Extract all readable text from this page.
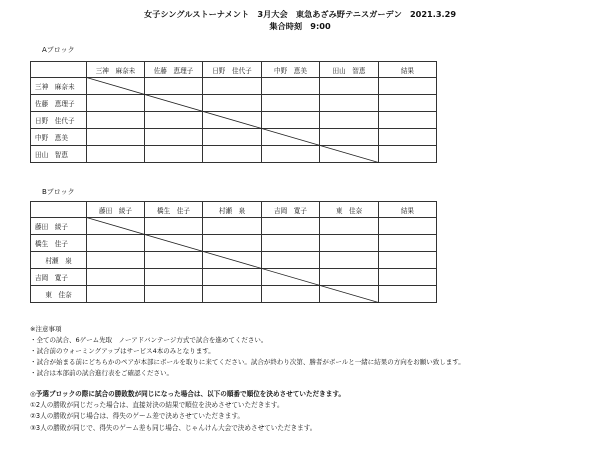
女子シングルストーナメント　3月大会　東急あざみ野テニスガーデン　2021.3.29
集合時刻　9:00
Aブロック
	三神　麻奈未	佐藤　恵理子	日野　佳代子	中野　恵美	田山　智恵	結果
三神　麻奈未						
佐藤　恵理子						
日野　佳代子						
中野　恵美						
田山　智恵						
Bブロック
	藤田　綾子	橋生　佳子	村瀬　泉	吉岡　寛子	東　佳奈	結果
藤田　綾子						
橋生　佳子						
村瀬　泉						
吉岡　寛子						
東　佳奈						
※注意事項
・全ての試合、6ゲーム先取　ノーアドバンテージ方式で試合を進めてください。
・試合前のウォーミングアップはサービス4本のみとなります。
・試合が始まる前にどちらかのペアが本部にボールを取りに来てください。試合が終わり次第、勝者がボールと一緒に結果の方向をお願い致します。
・試合は本部前の試合進行表をご確認ください。
◎予選ブロックの際に試合の勝敗数が同じになった場合は、以下の順番で順位を決めさせていただきます。
①2人の勝敗が同じだった場合は、直接対決の結果で順位を決めさせていただきます。
②3人の勝敗が同じ場合は、得失のゲーム差で決めさせていただきます。
③3人の勝敗が同じで、得失のゲーム差も同じ場合、じゃんけん大会で決めさせていただきます。
